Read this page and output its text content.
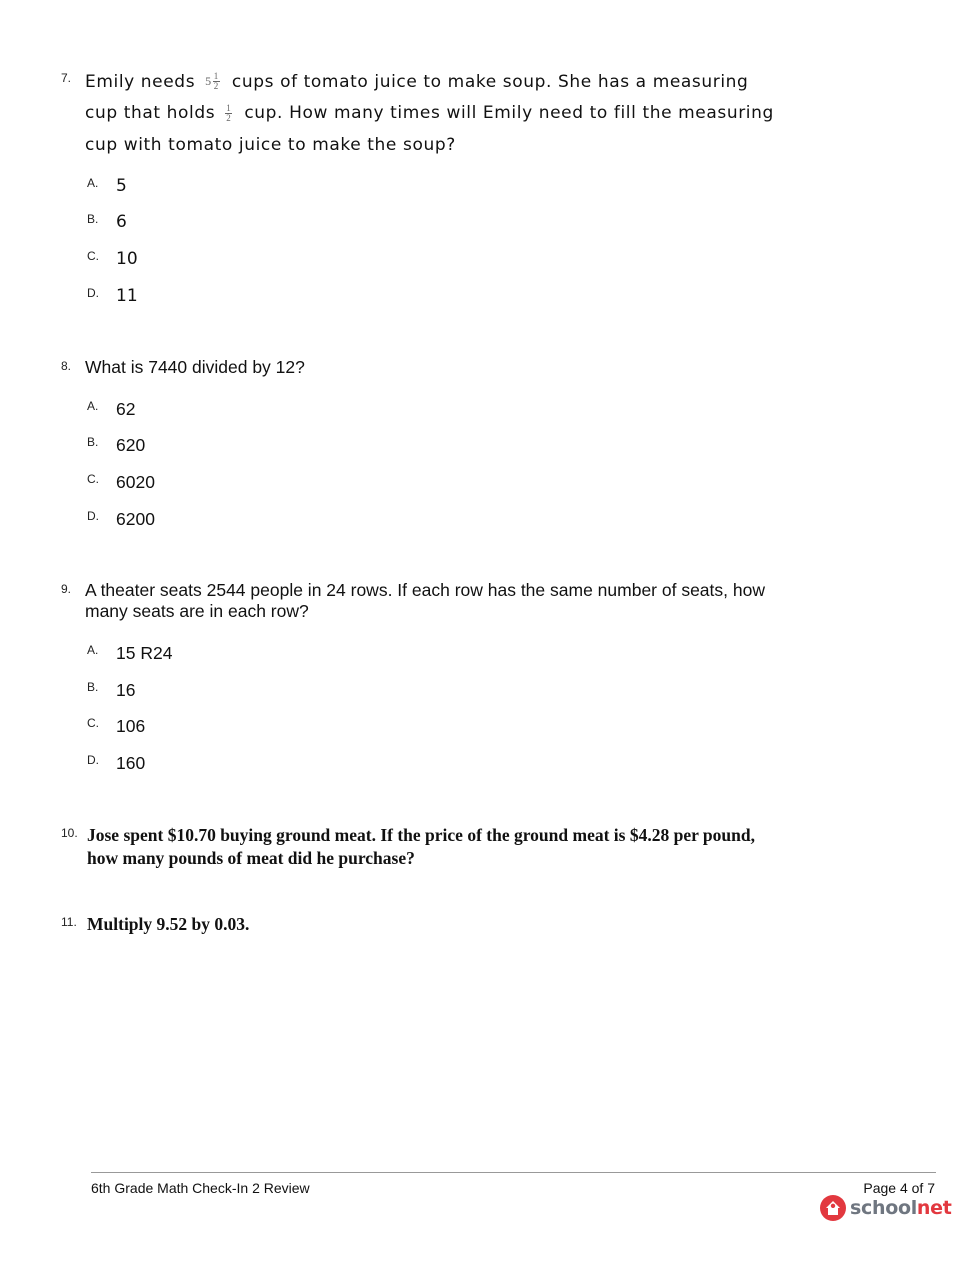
7. Emily needs $5 \frac{1}{2}$ cups of tomato juice to make soup. She has a measuring cup that holds $\frac{1}{2}$ cup. How many times will Emily need to fill the measuring cup with tomato juice to make the soup?
A. 5
B. 6
C. 10
D. 11
8. What is 7440 divided by 12?
A. 62
B. 620
C. 6020
D. 6200
9. A theater seats 2544 people in 24 rows. If each row has the same number of seats, how many seats are in each row?
A. 15 R24
B. 16
C. 106
D. 160
10. Jose spent $10.70 buying ground meat. If the price of the ground meat is $4.28 per pound, how many pounds of meat did he purchase?
11. Multiply 9.52 by 0.03.
6th Grade Math Check-In 2 Review	Page 4 of 7
schoolnet
